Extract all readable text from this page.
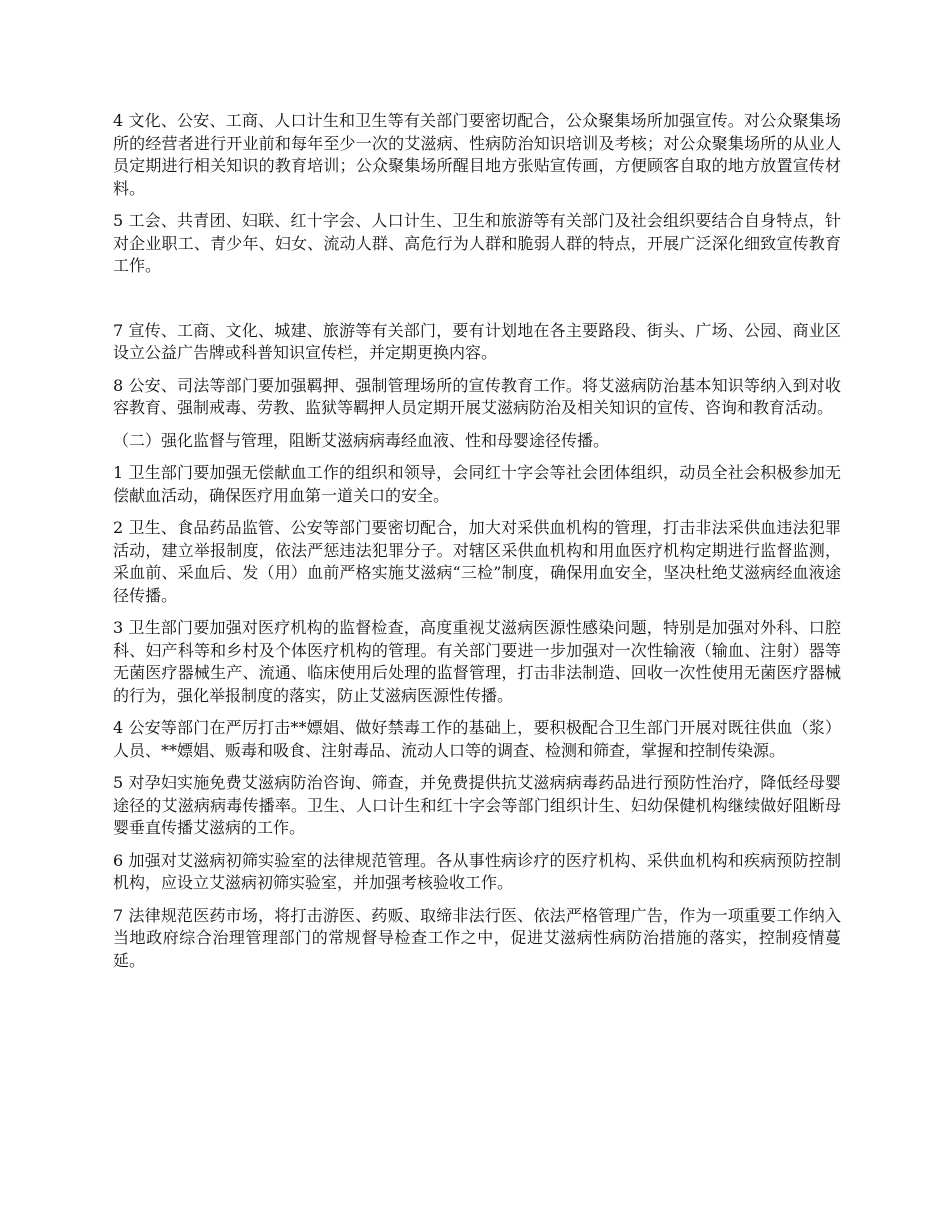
4 文化、公安、工商、人口计生和卫生等有关部门要密切配合，公众聚集场所加强宣传。对公众聚集场所的经营者进行开业前和每年至少一次的艾滋病、性病防治知识培训及考核；对公众聚集场所的从业人员定期进行相关知识的教育培训；公众聚集场所醒目地方张贴宣传画，方便顾客自取的地方放置宣传材料。

5 工会、共青团、妇联、红十字会、人口计生、卫生和旅游等有关部门及社会组织要结合自身特点，针对企业职工、青少年、妇女、流动人群、高危行为人群和脆弱人群的特点，开展广泛深化细致宣传教育工作。

7 宣传、工商、文化、城建、旅游等有关部门，要有计划地在各主要路段、街头、广场、公园、商业区设立公益广告牌或科普知识宣传栏，并定期更换内容。

8 公安、司法等部门要加强羁押、强制管理场所的宣传教育工作。将艾滋病防治基本知识等纳入到对收容教育、强制戒毒、劳教、监狱等羁押人员定期开展艾滋病防治及相关知识的宣传、咨询和教育活动。

（二）强化监督与管理，阻断艾滋病病毒经血液、性和母婴途径传播。

1 卫生部门要加强无偿献血工作的组织和领导，会同红十字会等社会团体组织，动员全社会积极参加无偿献血活动，确保医疗用血第一道关口的安全。

2 卫生、食品药品监管、公安等部门要密切配合，加大对采供血机构的管理，打击非法采供血违法犯罪活动，建立举报制度，依法严惩违法犯罪分子。对辖区采供血机构和用血医疗机构定期进行监督监测，采血前、采血后、发（用）血前严格实施艾滋病“三检”制度，确保用血安全，坚决杜绝艾滋病经血液途径传播。

3 卫生部门要加强对医疗机构的监督检查，高度重视艾滋病医源性感染问题，特别是加强对外科、口腔科、妇产科等和乡村及个体医疗机构的管理。有关部门要进一步加强对一次性输液（输血、注射）器等无菌医疗器械生产、流通、临床使用后处理的监督管理，打击非法制造、回收一次性使用无菌医疗器械的行为，强化举报制度的落实，防止艾滋病医源性传播。

4 公安等部门在严厉打击**嫖娼、做好禁毒工作的基础上，要积极配合卫生部门开展对既往供血（浆）人员、**嫖娼、贩毒和吸食、注射毒品、流动人口等的调查、检测和筛查，掌握和控制传染源。

5 对孕妇实施免费艾滋病防治咨询、筛查，并免费提供抗艾滋病病毒药品进行预防性治疗，降低经母婴途径的艾滋病病毒传播率。卫生、人口计生和红十字会等部门组织计生、妇幼保健机构继续做好阻断母婴垂直传播艾滋病的工作。

6 加强对艾滋病初筛实验室的法律规范管理。各从事性病诊疗的医疗机构、采供血机构和疾病预防控制机构，应设立艾滋病初筛实验室，并加强考核验收工作。

7 法律规范医药市场，将打击游医、药贩、取缔非法行医、依法严格管理广告，作为一项重要工作纳入当地政府综合治理管理部门的常规督导检查工作之中，促进艾滋病性病防治措施的落实，控制疫情蔓延。
